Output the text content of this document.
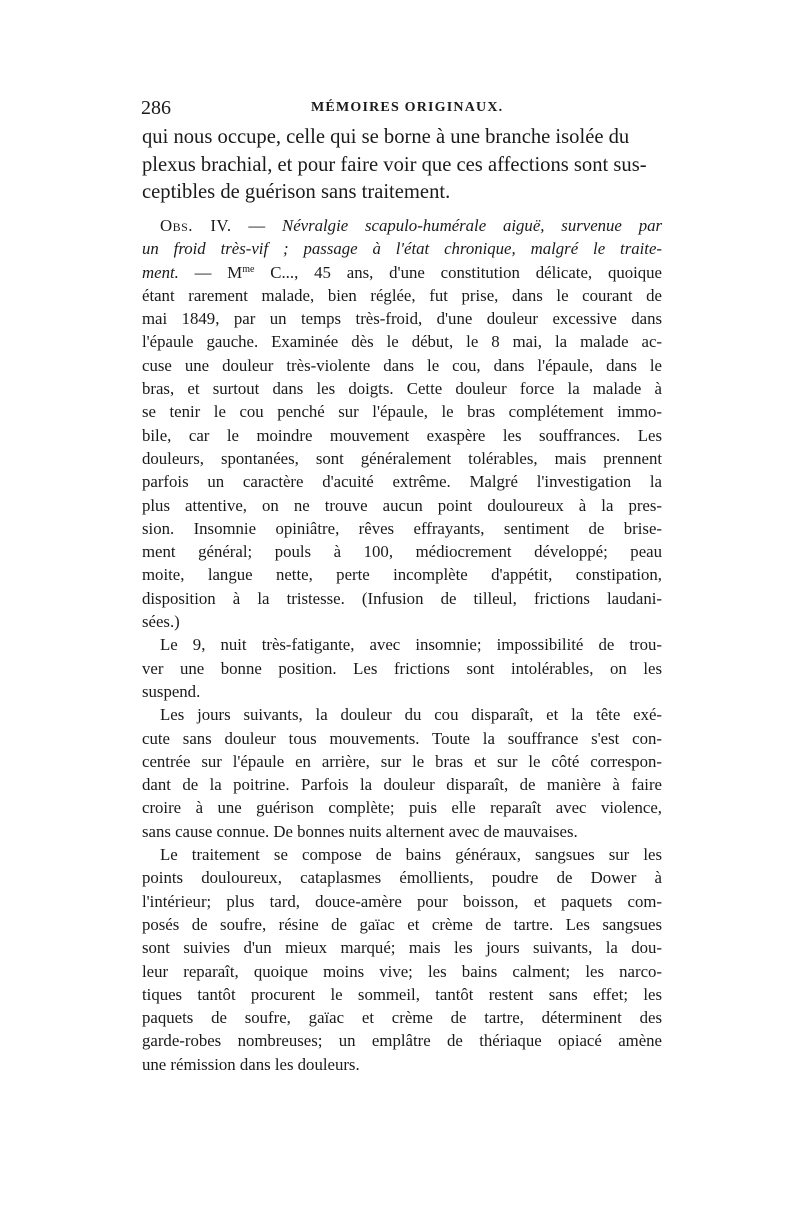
286	MÉMOIRES ORIGINAUX.
qui nous occupe, celle qui se borne à une branche isolée du
plexus brachial, et pour faire voir que ces affections sont sus-
ceptibles de guérison sans traitement.

Obs. IV. — Névralgie scapulo-humérale aiguë, survenue par
un froid très-vif ; passage à l'état chronique, malgré le traite-
ment. — $M^{me}$ C..., 45 ans, d'une constitution délicate, quoique
étant rarement malade, bien réglée, fut prise, dans le courant de
mai 1849, par un temps très-froid, d'une douleur excessive dans
l'épaule gauche. Examinée dès le début, le 8 mai, la malade ac-
cuse une douleur très-violente dans le cou, dans l'épaule, dans le
bras, et surtout dans les doigts. Cette douleur force la malade à
se tenir le cou penché sur l'épaule, le bras complétement immo-
bile, car le moindre mouvement exaspère les souffrances. Les
douleurs, spontanées, sont généralement tolérables, mais prennent
parfois un caractère d'acuité extrême. Malgré l'investigation la
plus attentive, on ne trouve aucun point douloureux à la pres-
sion. Insomnie opiniâtre, rêves effrayants, sentiment de brise-
ment général; pouls à 100, médiocrement développé; peau
moite, langue nette, perte incomplète d'appétit, constipation,
disposition à la tristesse. (Infusion de tilleul, frictions laudani-
sées.)

Le 9, nuit très-fatigante, avec insomnie; impossibilité de trou-
ver une bonne position. Les frictions sont intolérables, on les
suspend.

Les jours suivants, la douleur du cou disparaît, et la tête exé-
cute sans douleur tous mouvements. Toute la souffrance s'est con-
centrée sur l'épaule en arrière, sur le bras et sur le côté correspon-
dant de la poitrine. Parfois la douleur disparaît, de manière à faire
croire à une guérison complète; puis elle reparaît avec violence,
sans cause connue. De bonnes nuits alternent avec de mauvaises.

Le traitement se compose de bains généraux, sangsues sur les
points douloureux, cataplasmes émollients, poudre de Dower à
l'intérieur; plus tard, douce-amère pour boisson, et paquets com-
posés de soufre, résine de gaïac et crème de tartre. Les sangsues
sont suivies d'un mieux marqué; mais les jours suivants, la dou-
leur reparaît, quoique moins vive; les bains calment; les narco-
tiques tantôt procurent le sommeil, tantôt restent sans effet; les
paquets de soufre, gaïac et crème de tartre, déterminent des
garde-robes nombreuses; un emplâtre de thériaque opiacé amène
une rémission dans les douleurs.
